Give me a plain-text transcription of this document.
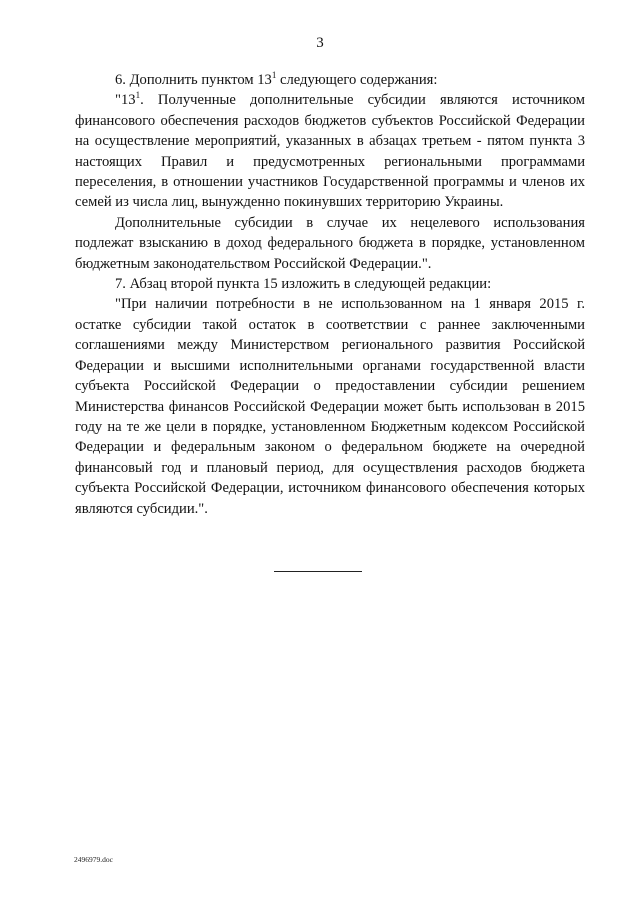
3

6. Дополнить пунктом $13^1$ следующего содержания:

"$13^1$. Полученные дополнительные субсидии являются источником финансового обеспечения расходов бюджетов субъектов Российской Федерации на осуществление мероприятий, указанных в абзацах третьем - пятом пункта 3 настоящих Правил и предусмотренных региональными программами переселения, в отношении участников Государственной программы и членов их семей из числа лиц, вынужденно покинувших территорию Украины.

Дополнительные субсидии в случае их нецелевого использования подлежат взысканию в доход федерального бюджета в порядке, установленном бюджетным законодательством Российской Федерации.".

7. Абзац второй пункта 15 изложить в следующей редакции:

"При наличии потребности в не использованном на 1 января 2015 г. остатке субсидии такой остаток в соответствии с раннее заключенными соглашениями между Министерством регионального развития Российской Федерации и высшими исполнительными органами государственной власти субъекта Российской Федерации о предоставлении субсидии решением Министерства финансов Российской Федерации может быть использован в 2015 году на те же цели в порядке, установленном Бюджетным кодексом Российской Федерации и федеральным законом о федеральном бюджете на очередной финансовый год и плановый период, для осуществления расходов бюджета субъекта Российской Федерации, источником финансового обеспечения которых являются субсидии.".

2496979.doc
